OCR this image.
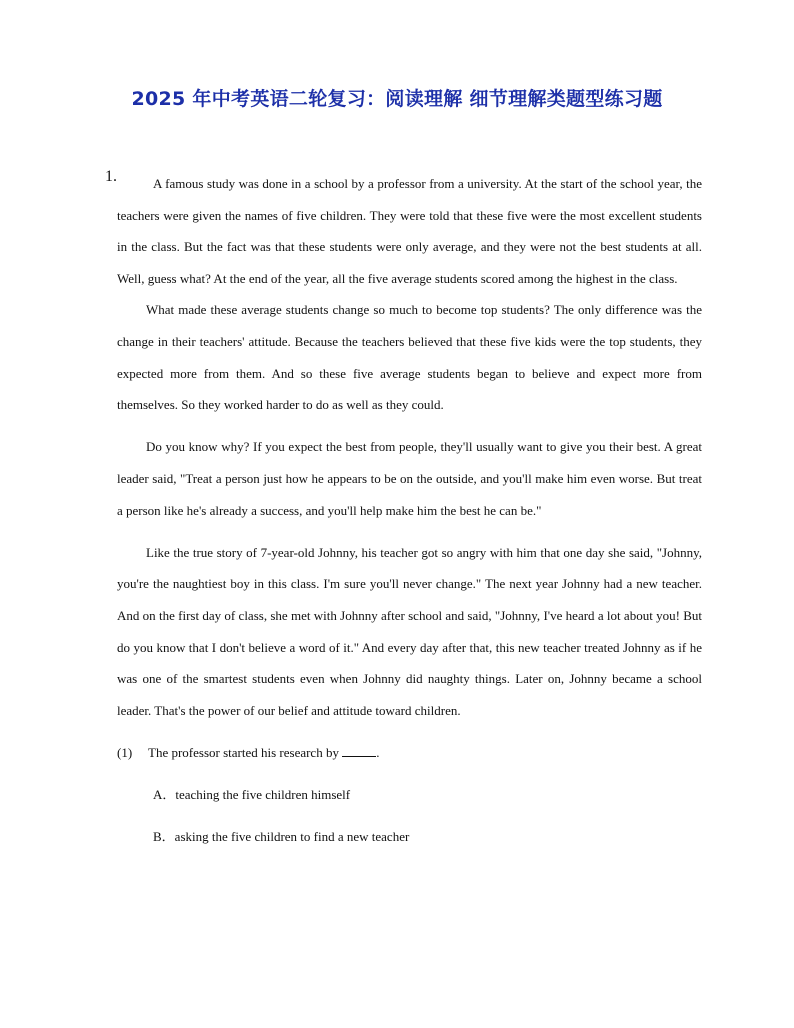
2025 年中考英语二轮复习：阅读理解 细节理解类题型练习题
1.	A famous study was done in a school by a professor from a university. At the start of the school year, the teachers were given the names of five children. They were told that these five were the most excellent students in the class. But the fact was that these students were only average, and they were not the best students at all. Well, guess what? At the end of the year, all the five average students scored among the highest in the class.

What made these average students change so much to become top students? The only difference was the change in their teachers' attitude. Because the teachers believed that these five kids were the top students, they expected more from them. And so these five average students began to believe and expect more from themselves. So they worked harder to do as well as they could.

Do you know why? If you expect the best from people, they'll usually want to give you their best. A great leader said, "Treat a person just how he appears to be on the outside, and you'll make him even worse. But treat a person like he's already a success, and you'll help make him the best he can be."

Like the true story of 7-year-old Johnny, his teacher got so angry with him that one day she said, "Johnny, you're the naughtiest boy in this class. I'm sure you'll never change." The next year Johnny had a new teacher. And on the first day of class, she met with Johnny after school and said, "Johnny, I've heard a lot about you! But do you know that I don't believe a word of it." And every day after that, this new teacher treated Johnny as if he was one of the smartest students even when Johnny did naughty things. Later on, Johnny became a school leader. That's the power of our belief and attitude toward children.

(1)	The professor started his research by	.
A．teaching the five children himself
B．asking the five children to find a new teacher
